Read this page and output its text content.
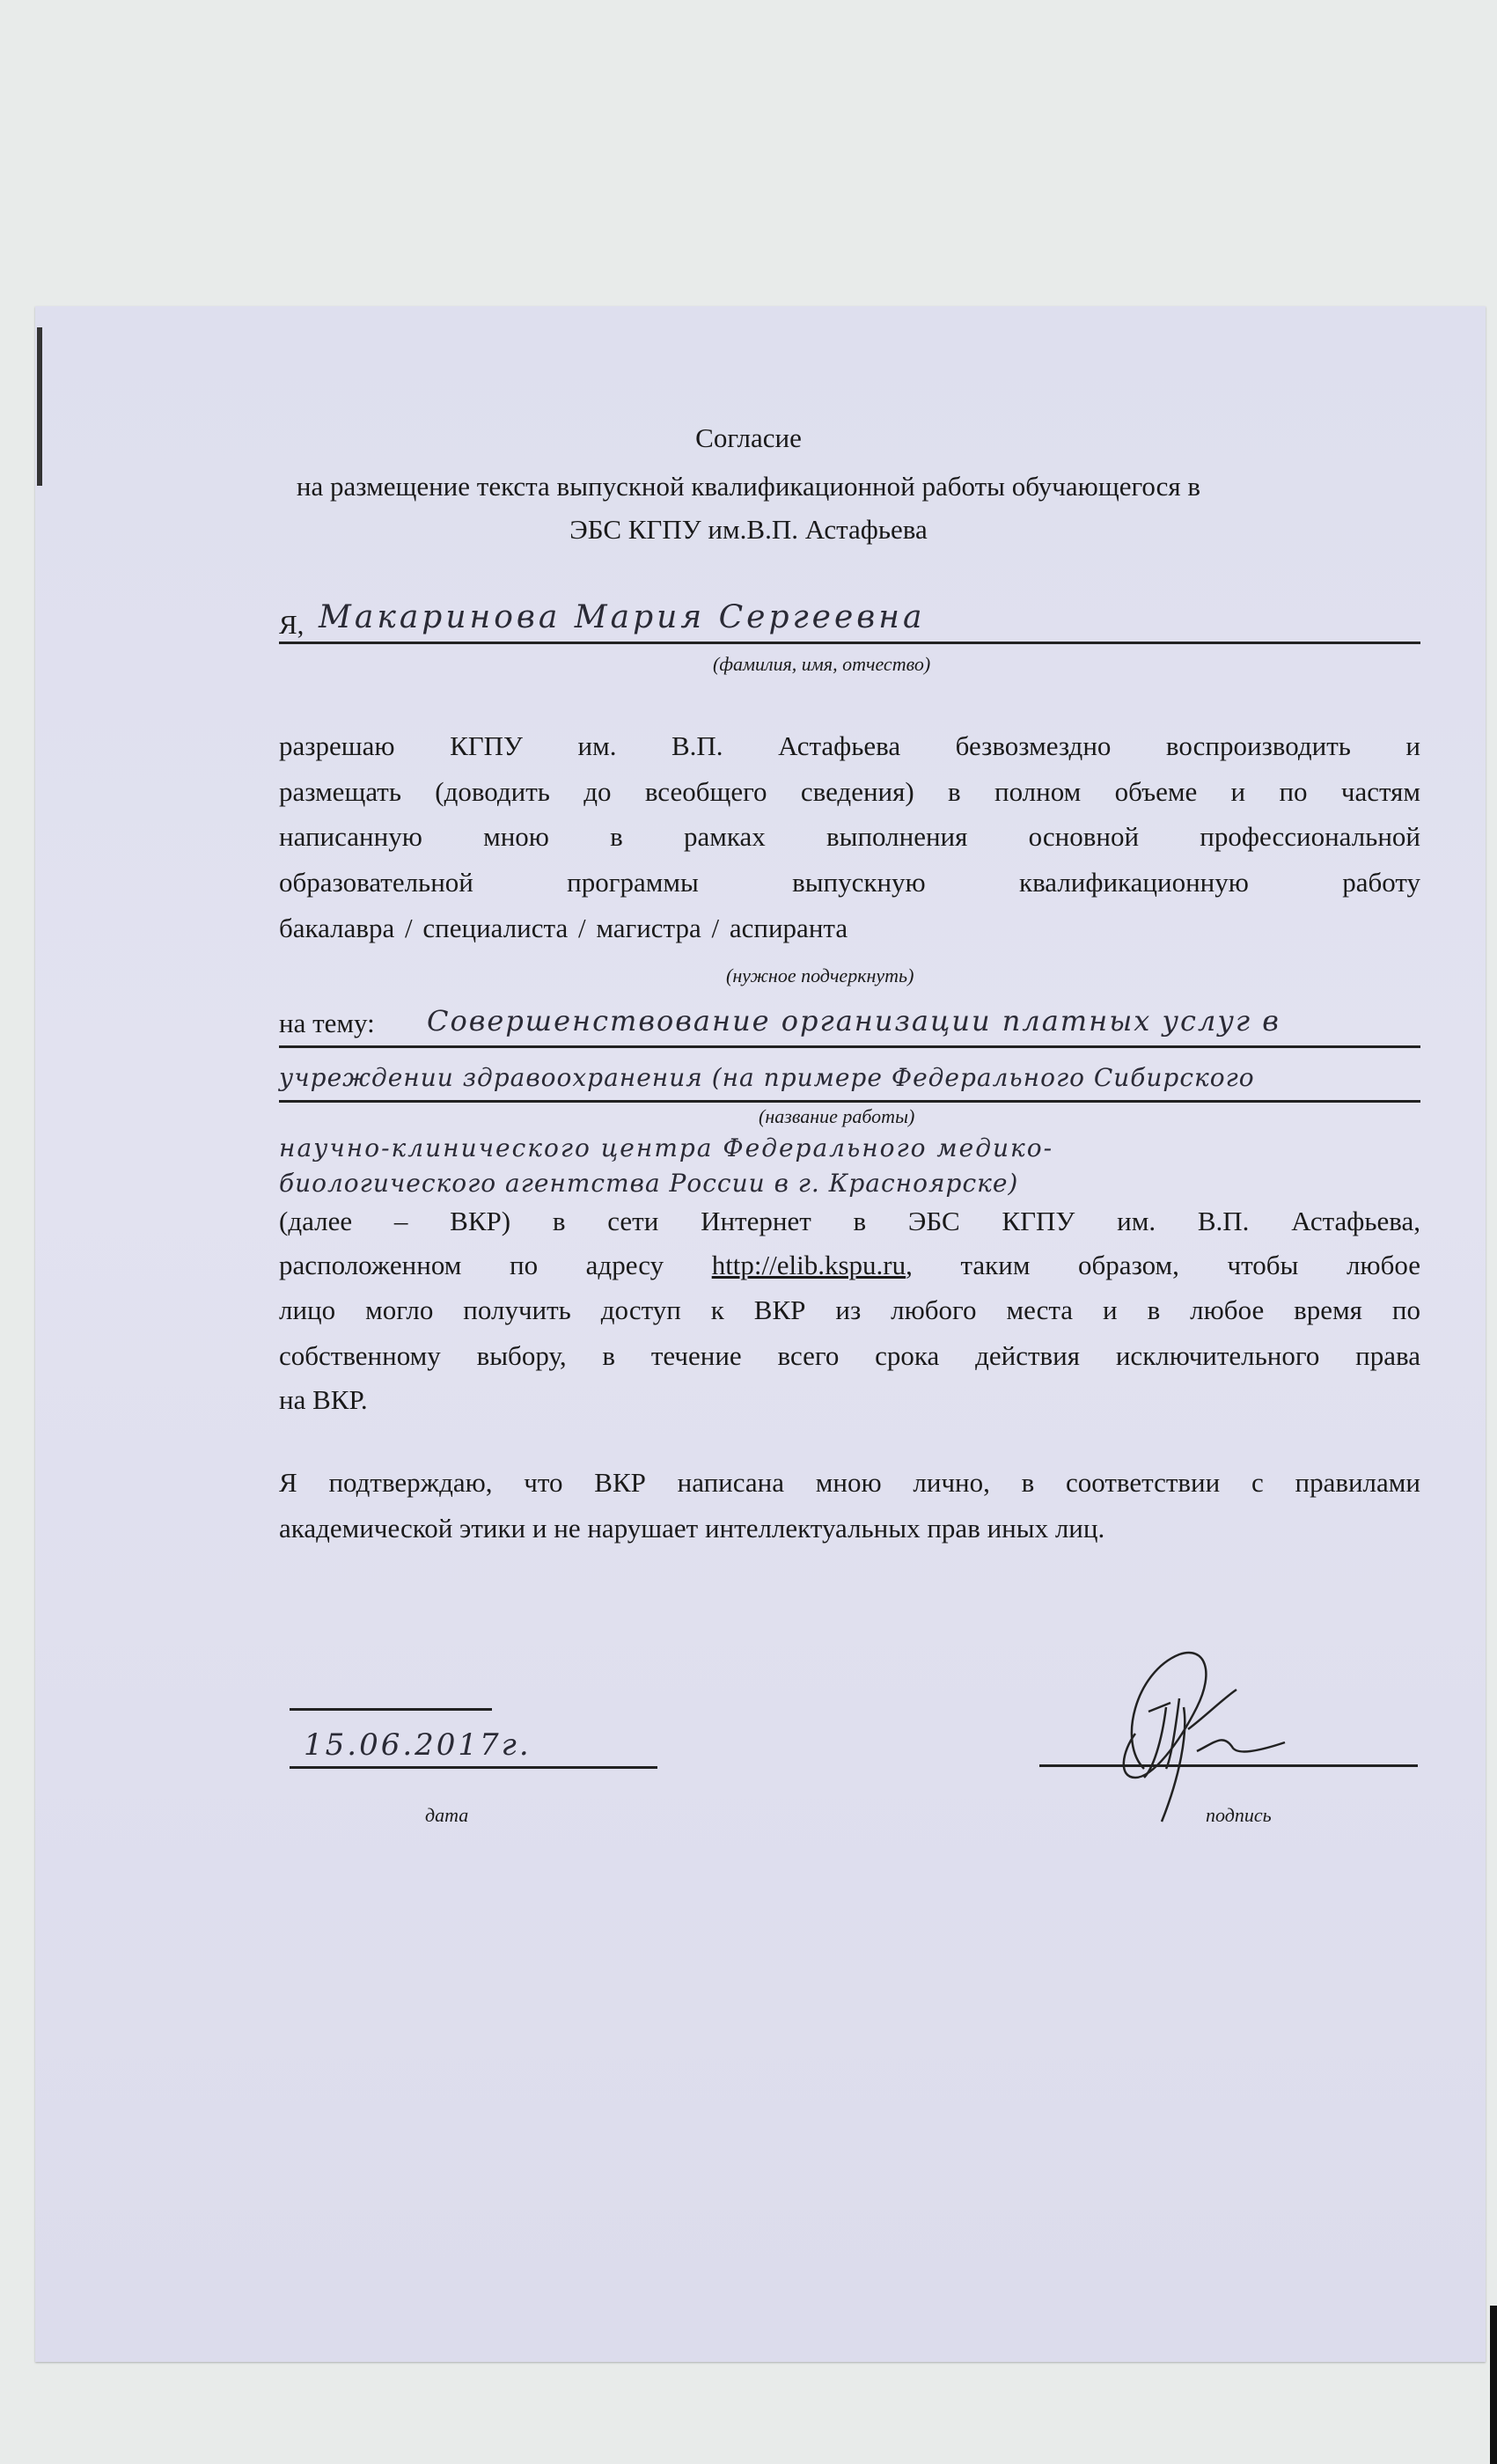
Согласие
на размещение текста выпускной квалификационной работы обучающегося в
ЭБС КГПУ им.В.П. Астафьева
Я, Макаринова Мария Сергеевна
(фамилия, имя, отчество)
разрешаю КГПУ им. В.П. Астафьева безвозмездно воспроизводить и
размещать (доводить до всеобщего сведения) в полном объеме и по частям
написанную мною в рамках выполнения основной профессиональной
образовательной программы выпускную квалификационную работу
бакалавра / специалиста / магистра / аспиранта
(нужное подчеркнуть)
на тему: Совершенствование организации платных услуг в
учреждении здравоохранения (на примере Федерального Сибирского
(название работы)
научно-клинического центра Федерального медико-
биологического агентства России в г. Красноярске)
(далее – ВКР) в сети Интернет в ЭБС КГПУ им. В.П. Астафьева,
расположенном по адресу http://elib.kspu.ru, таким образом, чтобы любое
лицо могло получить доступ к ВКР из любого места и в любое время по
собственному выбору, в течение всего срока действия исключительного права
на ВКР.
Я подтверждаю, что ВКР написана мною лично, в соответствии с правилами
академической этики и не нарушает интеллектуальных прав иных лиц.
15.06.2017г.
дата	подпись
